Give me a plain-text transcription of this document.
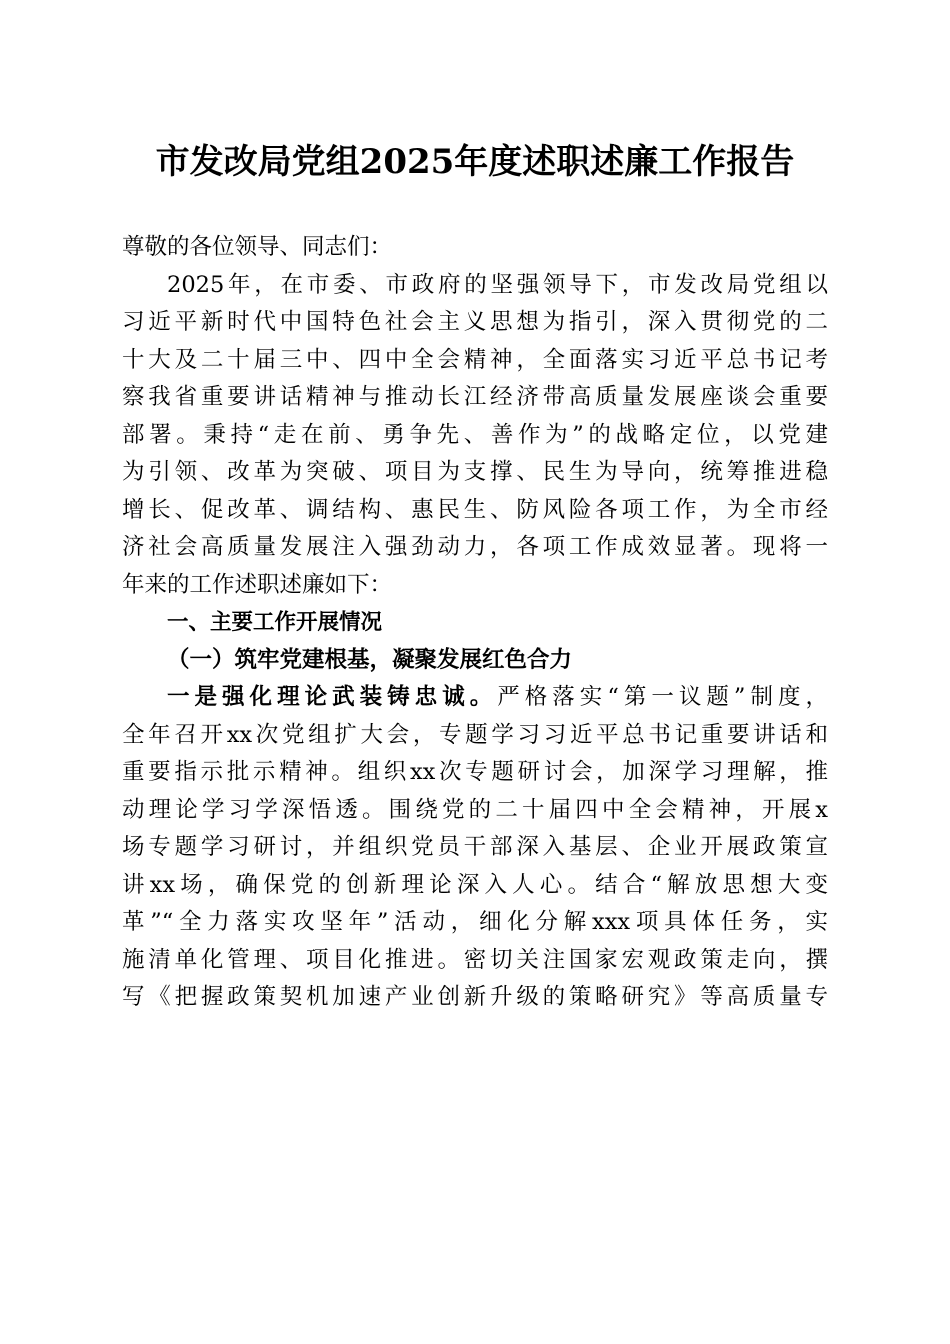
市发改局党组2025年度述职述廉工作报告
尊敬的各位领导、同志们：
2025年，在市委、市政府的坚强领导下，市发改局党组以
习近平新时代中国特色社会主义思想为指引，深入贯彻党的二
十大及二十届三中、四中全会精神，全面落实习近平总书记考
察我省重要讲话精神与推动长江经济带高质量发展座谈会重要
部署。秉持“走在前、勇争先、善作为”的战略定位，以党建
为引领、改革为突破、项目为支撑、民生为导向，统筹推进稳
增长、促改革、调结构、惠民生、防风险各项工作，为全市经
济社会高质量发展注入强劲动力，各项工作成效显著。现将一
年来的工作述职述廉如下：
一、主要工作开展情况
（一）筑牢党建根基，凝聚发展红色合力
一是强化理论武装铸忠诚。严格落实“第一议题”制度，
全年召开xx次党组扩大会，专题学习习近平总书记重要讲话和
重要指示批示精神。组织xx次专题研讨会，加深学习理解，推
动理论学习学深悟透。围绕党的二十届四中全会精神，开展x
场专题学习研讨，并组织党员干部深入基层、企业开展政策宣
讲xx场，确保党的创新理论深入人心。结合“解放思想大变
革”“全力落实攻坚年”活动，细化分解xxx项具体任务，实
施清单化管理、项目化推进。密切关注国家宏观政策走向，撰
写《把握政策契机加速产业创新升级的策略研究》等高质量专
